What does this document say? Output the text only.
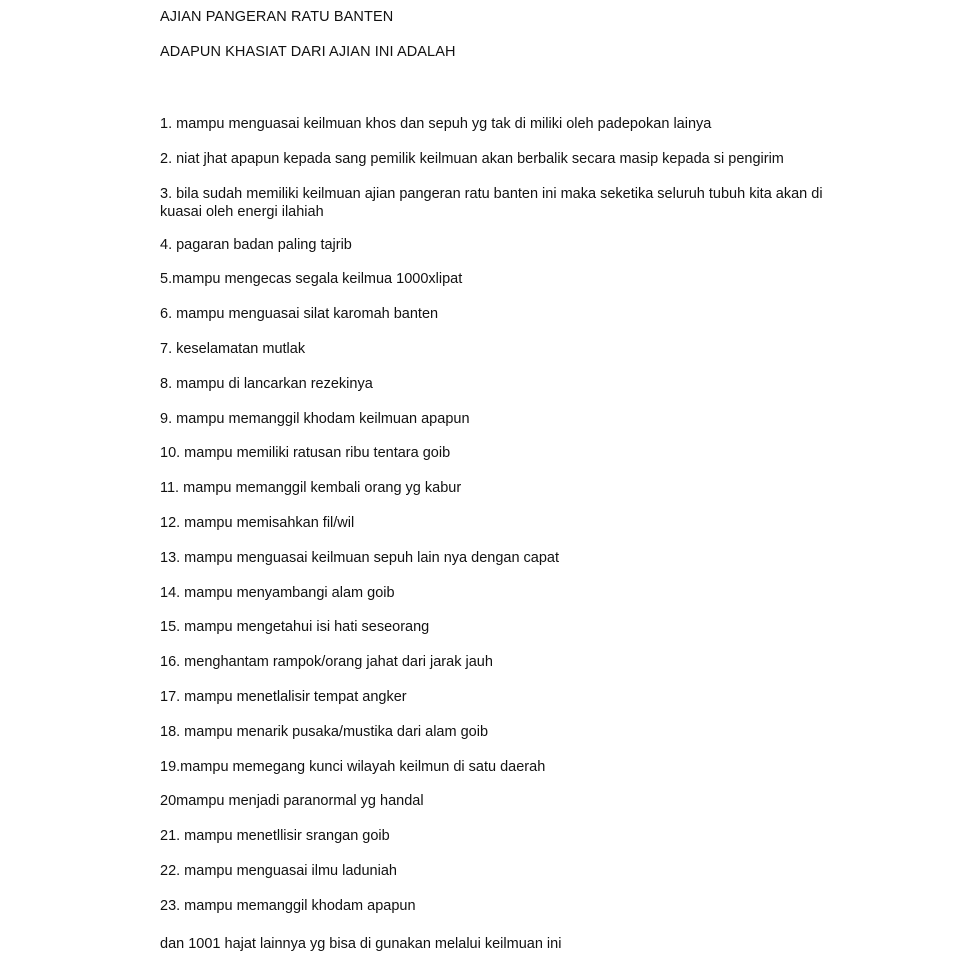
AJIAN PANGERAN RATU BANTEN
ADAPUN KHASIAT DARI AJIAN INI ADALAH
1. mampu menguasai keilmuan khos dan sepuh yg tak di miliki oleh padepokan lainya
2. niat jhat apapun kepada sang pemilik keilmuan akan berbalik secara masip kepada si pengirim
3. bila sudah memiliki keilmuan ajian pangeran ratu banten ini maka seketika seluruh tubuh kita akan di kuasai oleh energi ilahiah
4. pagaran badan paling tajrib
5.mampu mengecas segala keilmua 1000xlipat
6. mampu menguasai silat karomah banten
7. keselamatan mutlak
8. mampu di lancarkan rezekinya
9. mampu memanggil khodam keilmuan apapun
10. mampu memiliki ratusan ribu tentara goib
11. mampu memanggil kembali orang yg kabur
12. mampu memisahkan fil/wil
13. mampu menguasai keilmuan sepuh lain nya dengan capat
14. mampu menyambangi alam goib
15. mampu mengetahui isi hati seseorang
16. menghantam rampok/orang jahat dari jarak jauh
17. mampu menetlalisir tempat angker
18. mampu menarik pusaka/mustika dari alam goib
19.mampu memegang kunci wilayah keilmun di satu daerah
20mampu menjadi paranormal yg handal
21. mampu menetllisir srangan goib
22. mampu menguasai ilmu laduniah
23. mampu memanggil khodam apapun
dan 1001 hajat lainnya yg bisa di gunakan melalui keilmuan ini
